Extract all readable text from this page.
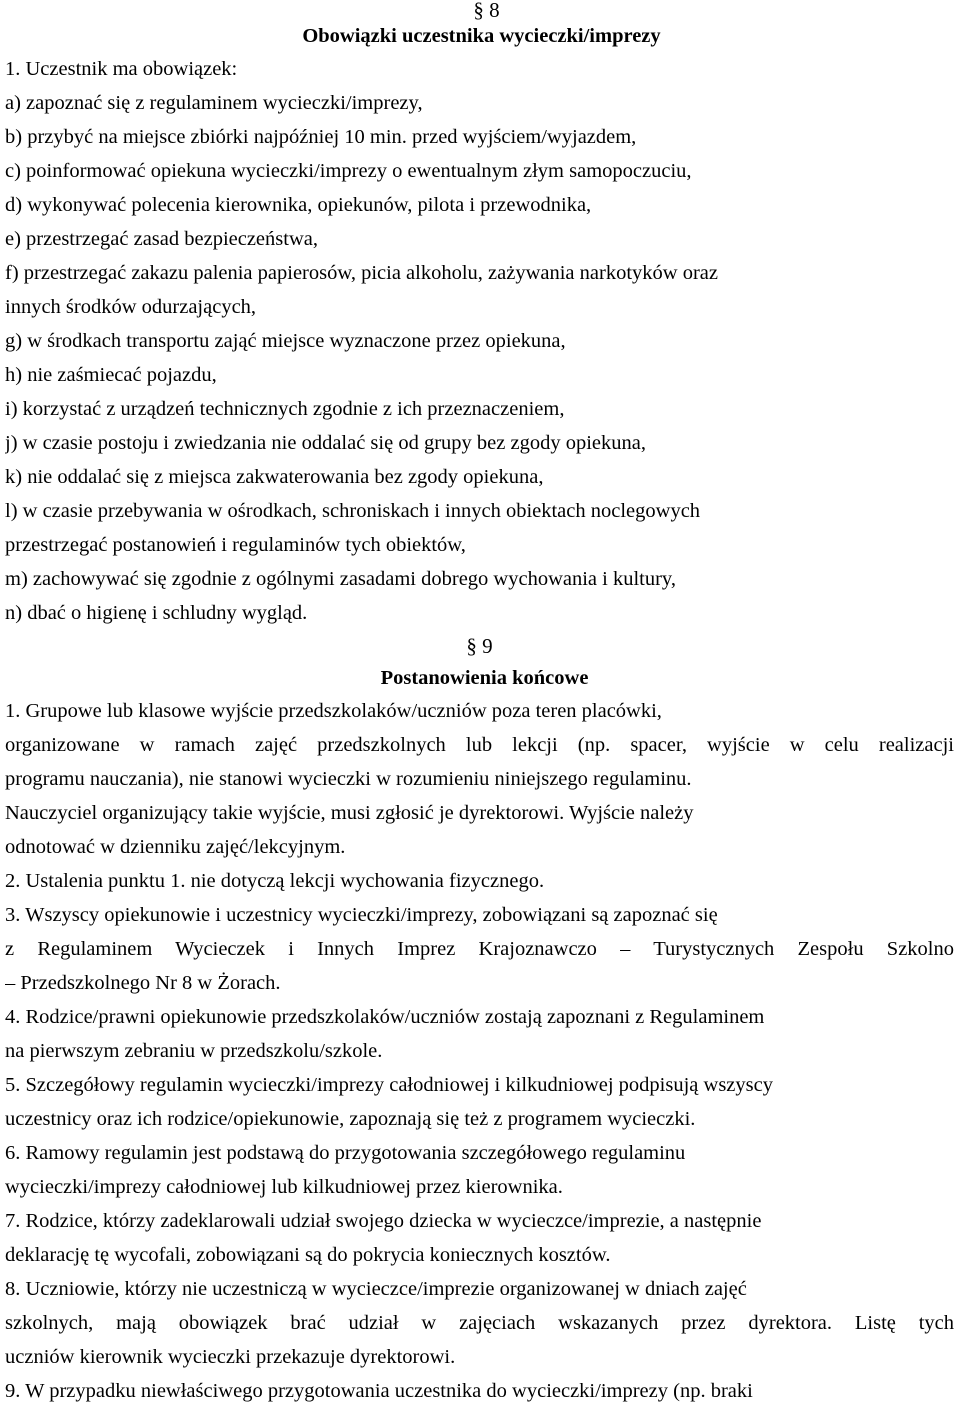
§ 8
Obowiązki uczestnika wycieczki/imprezy
1. Uczestnik ma obowiązek:
a) zapoznać się z regulaminem wycieczki/imprezy,
b) przybyć na miejsce zbiórki najpóźniej 10 min. przed wyjściem/wyjazdem,
c) poinformować opiekuna wycieczki/imprezy o ewentualnym złym samopoczuciu,
d) wykonywać polecenia kierownika, opiekunów, pilota i przewodnika,
e) przestrzegać zasad bezpieczeństwa,
f) przestrzegać zakazu palenia papierosów, picia alkoholu, zażywania narkotyków oraz
innych środków odurzających,
g) w środkach transportu zająć miejsce wyznaczone przez opiekuna,
h) nie zaśmiecać pojazdu,
i) korzystać z urządzeń technicznych zgodnie z ich przeznaczeniem,
j) w czasie postoju i zwiedzania nie oddalać się od grupy bez zgody opiekuna,
k) nie oddalać się z miejsca zakwaterowania bez zgody opiekuna,
l) w czasie przebywania w ośrodkach, schroniskach i innych obiektach noclegowych
przestrzegać postanowień i regulaminów tych obiektów,
m) zachowywać się zgodnie z ogólnymi zasadami dobrego wychowania i kultury,
n) dbać o higienę i schludny wygląd.
§ 9
Postanowienia końcowe
1. Grupowe lub klasowe wyjście przedszkolaków/uczniów poza teren placówki,
organizowane w ramach zajęć przedszkolnych lub lekcji (np. spacer, wyjście w celu realizacji
programu nauczania), nie stanowi wycieczki w rozumieniu niniejszego regulaminu.
Nauczyciel organizujący takie wyjście, musi zgłosić je dyrektorowi. Wyjście należy
odnotować w dzienniku zajęć/lekcyjnym.
2. Ustalenia punktu 1. nie dotyczą lekcji wychowania fizycznego.
3. Wszyscy opiekunowie i uczestnicy wycieczki/imprezy, zobowiązani są zapoznać się
z Regulaminem Wycieczek i Innych Imprez Krajoznawczo – Turystycznych Zespołu Szkolno
– Przedszkolnego Nr 8 w Żorach.
4. Rodzice/prawni opiekunowie przedszkolaków/uczniów zostają zapoznani z Regulaminem
na pierwszym zebraniu w przedszkolu/szkole.
5. Szczegółowy regulamin wycieczki/imprezy całodniowej i kilkudniowej podpisują wszyscy
uczestnicy oraz ich rodzice/opiekunowie, zapoznają się też z programem wycieczki.
6. Ramowy regulamin jest podstawą do przygotowania szczegółowego regulaminu
wycieczki/imprezy całodniowej lub kilkudniowej przez kierownika.
7. Rodzice, którzy zadeklarowali udział swojego dziecka w wycieczce/imprezie, a następnie
deklarację tę wycofali, zobowiązani są do pokrycia koniecznych kosztów.
8. Uczniowie, którzy nie uczestniczą w wycieczce/imprezie organizowanej w dniach zajęć
szkolnych, mają obowiązek brać udział w zajęciach wskazanych przez dyrektora. Listę tych
uczniów kierownik wycieczki przekazuje dyrektorowi.
9. W przypadku niewłaściwego przygotowania uczestnika do wycieczki/imprezy (np. braki
